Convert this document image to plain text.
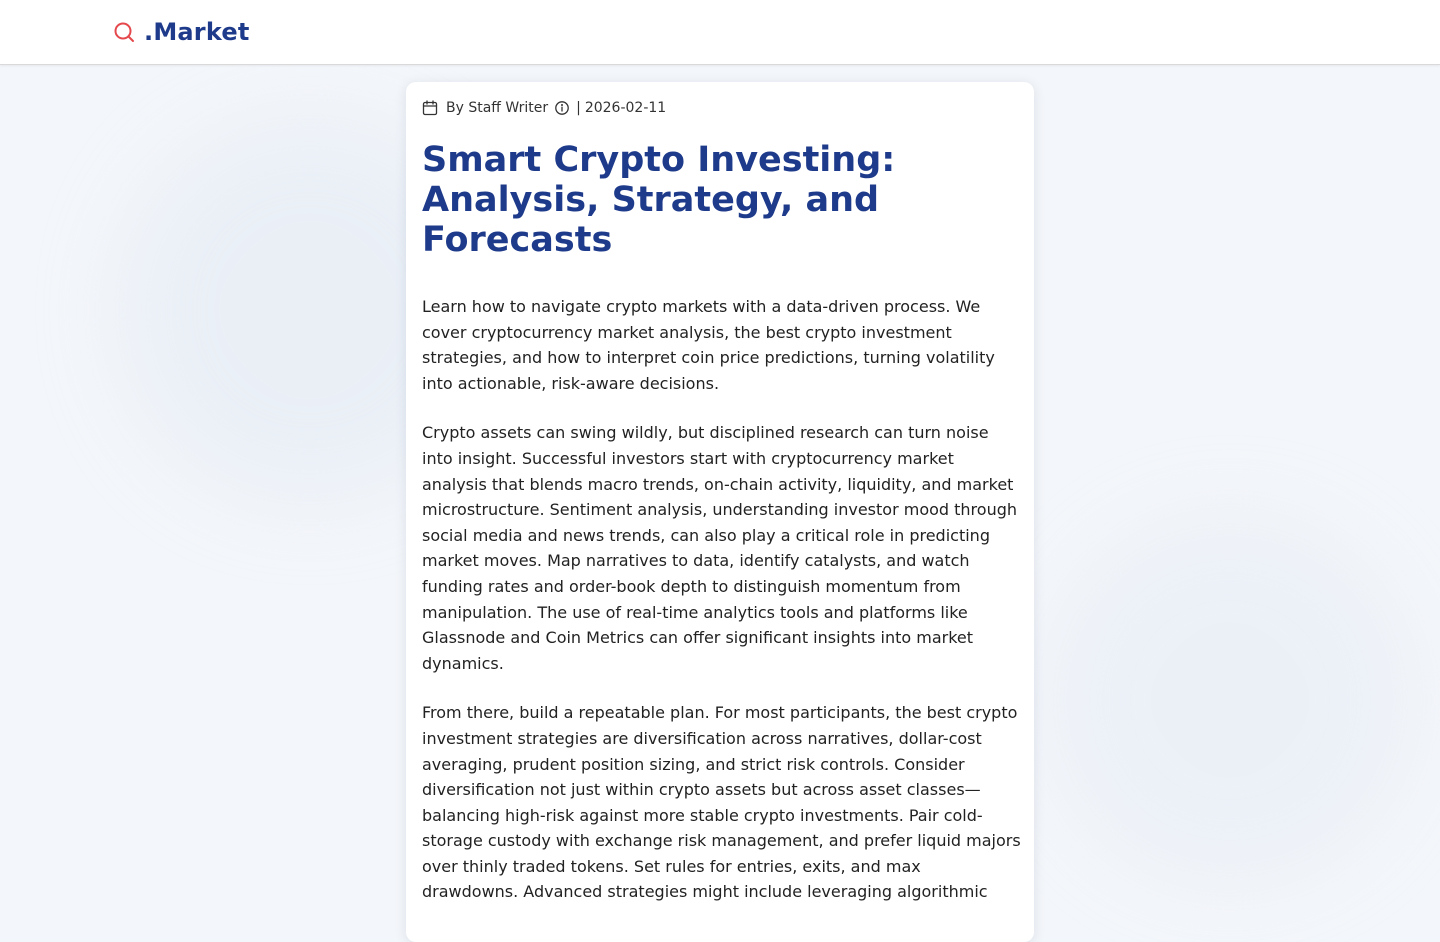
.Market
By Staff Writer | 2026-02-11
Smart Crypto Investing: Analysis, Strategy, and Forecasts

Learn how to navigate crypto markets with a data-driven process. We cover cryptocurrency market analysis, the best crypto investment strategies, and how to interpret coin price predictions, turning volatility into actionable, risk-aware decisions.

Crypto assets can swing wildly, but disciplined research can turn noise into insight. Successful investors start with cryptocurrency market analysis that blends macro trends, on-chain activity, liquidity, and market microstructure. Sentiment analysis, understanding investor mood through social media and news trends, can also play a critical role in predicting market moves. Map narratives to data, identify catalysts, and watch funding rates and order-book depth to distinguish momentum from manipulation. The use of real-time analytics tools and platforms like Glassnode and Coin Metrics can offer significant insights into market dynamics.

From there, build a repeatable plan. For most participants, the best crypto investment strategies are diversification across narratives, dollar-cost averaging, prudent position sizing, and strict risk controls. Consider diversification not just within crypto assets but across asset classes—balancing high-risk against more stable crypto investments. Pair cold-storage custody with exchange risk management, and prefer liquid majors over thinly traded tokens. Set rules for entries, exits, and max drawdowns. Advanced strategies might include leveraging algorithmic
